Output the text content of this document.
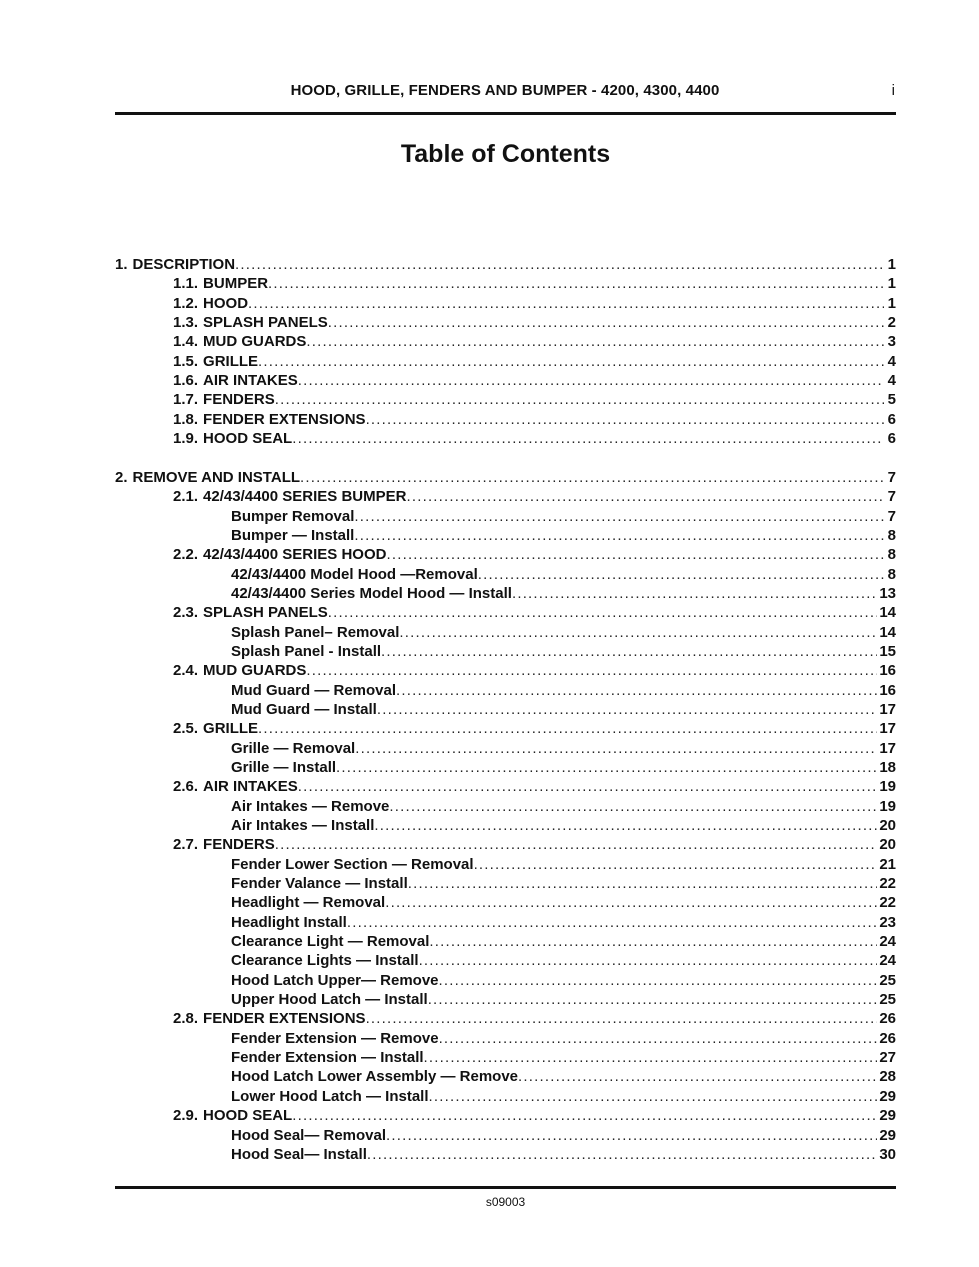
HOOD, GRILLE, FENDERS AND BUMPER - 4200, 4300, 4400	i
Table of Contents
1. DESCRIPTION .....	1
1.1. BUMPER .....	1
1.2. HOOD .....	1
1.3. SPLASH PANELS .....	2
1.4. MUD GUARDS .....	3
1.5. GRILLE .....	4
1.6. AIR INTAKES .....	4
1.7. FENDERS .....	5
1.8. FENDER EXTENSIONS .....	6
1.9. HOOD SEAL .....	6
2. REMOVE AND INSTALL .....	7
2.1. 42/43/4400 SERIES BUMPER .....	7
Bumper Removal .....	7
Bumper — Install .....	8
2.2. 42/43/4400 SERIES HOOD .....	8
42/43/4400 Model Hood —Removal .....	8
42/43/4400 Series Model Hood — Install .....	13
2.3. SPLASH PANELS .....	14
Splash Panel– Removal .....	14
Splash Panel - Install .....	15
2.4. MUD GUARDS .....	16
Mud Guard — Removal .....	16
Mud Guard — Install .....	17
2.5. GRILLE .....	17
Grille — Removal .....	17
Grille — Install .....	18
2.6. AIR INTAKES .....	19
Air Intakes — Remove .....	19
Air Intakes — Install .....	20
2.7. FENDERS .....	20
Fender Lower Section — Removal .....	21
Fender Valance — Install .....	22
Headlight — Removal .....	22
Headlight Install .....	23
Clearance Light — Removal .....	24
Clearance Lights — Install .....	24
Hood Latch Upper— Remove .....	25
Upper Hood Latch — Install .....	25
2.8. FENDER EXTENSIONS .....	26
Fender Extension — Remove .....	26
Fender Extension — Install .....	27
Hood Latch Lower Assembly — Remove .....	28
Lower Hood Latch — Install .....	29
2.9. HOOD SEAL .....	29
Hood Seal— Removal .....	29
Hood Seal— Install .....	30
s09003
